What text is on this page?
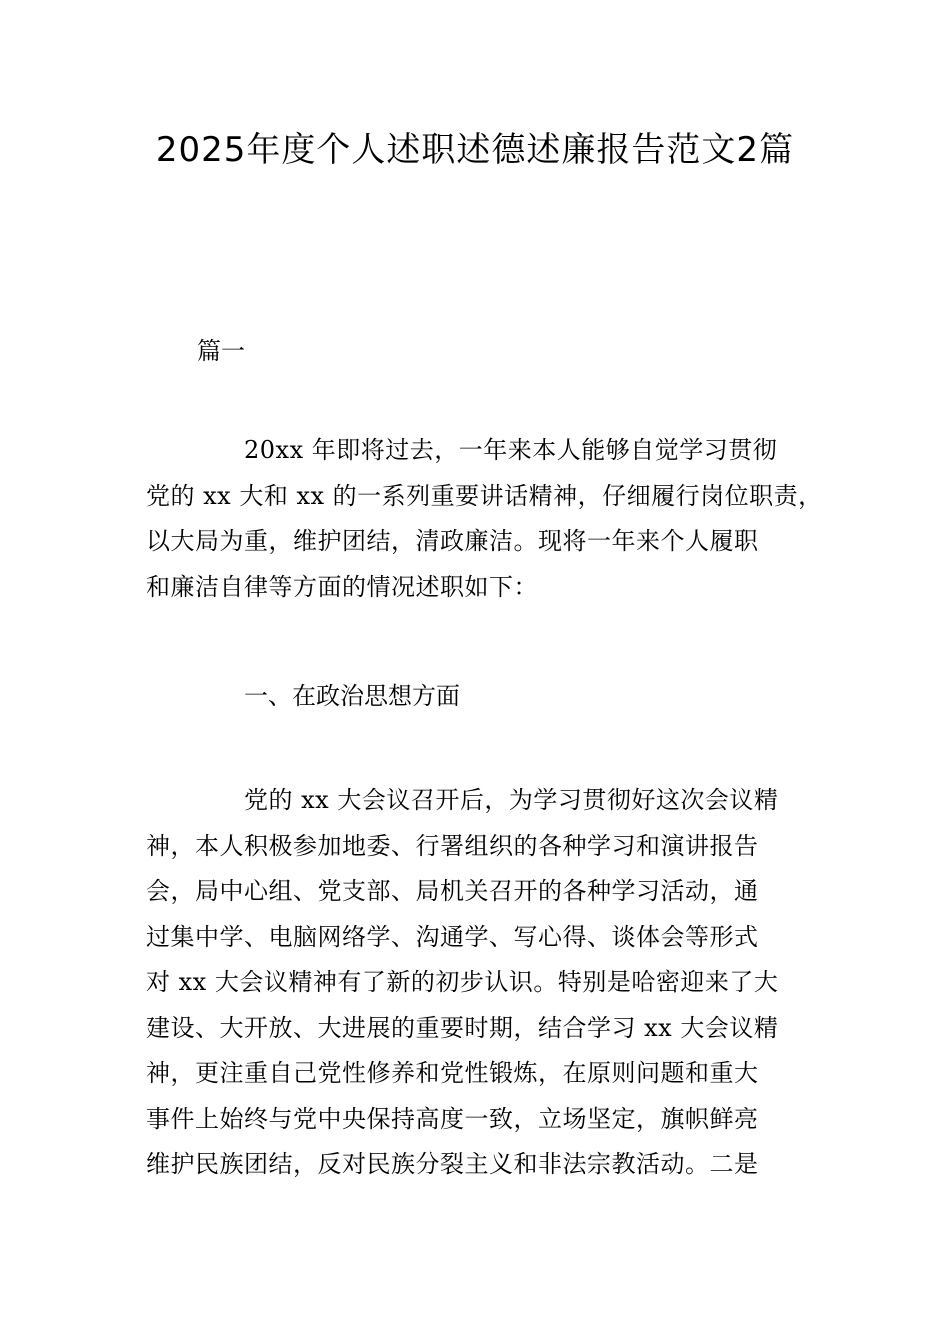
2025年度个人述职述德述廉报告范文2篇
篇一
20xx 年即将过去，一年来本人能够自觉学习贯彻
党的 xx 大和 xx 的一系列重要讲话精神，仔细履行岗位职责，
以大局为重，维护团结，清政廉洁。现将一年来个人履职
和廉洁自律等方面的情况述职如下：
一、在政治思想方面
党的 xx 大会议召开后，为学习贯彻好这次会议精
神，本人积极参加地委、行署组织的各种学习和演讲报告
会，局中心组、党支部、局机关召开的各种学习活动，通
过集中学、电脑网络学、沟通学、写心得、谈体会等形式
对 xx 大会议精神有了新的初步认识。特别是哈密迎来了大
建设、大开放、大进展的重要时期，结合学习 xx 大会议精
神，更注重自己党性修养和党性锻炼，在原则问题和重大
事件上始终与党中央保持高度一致，立场坚定，旗帜鲜亮
维护民族团结，反对民族分裂主义和非法宗教活动。二是
